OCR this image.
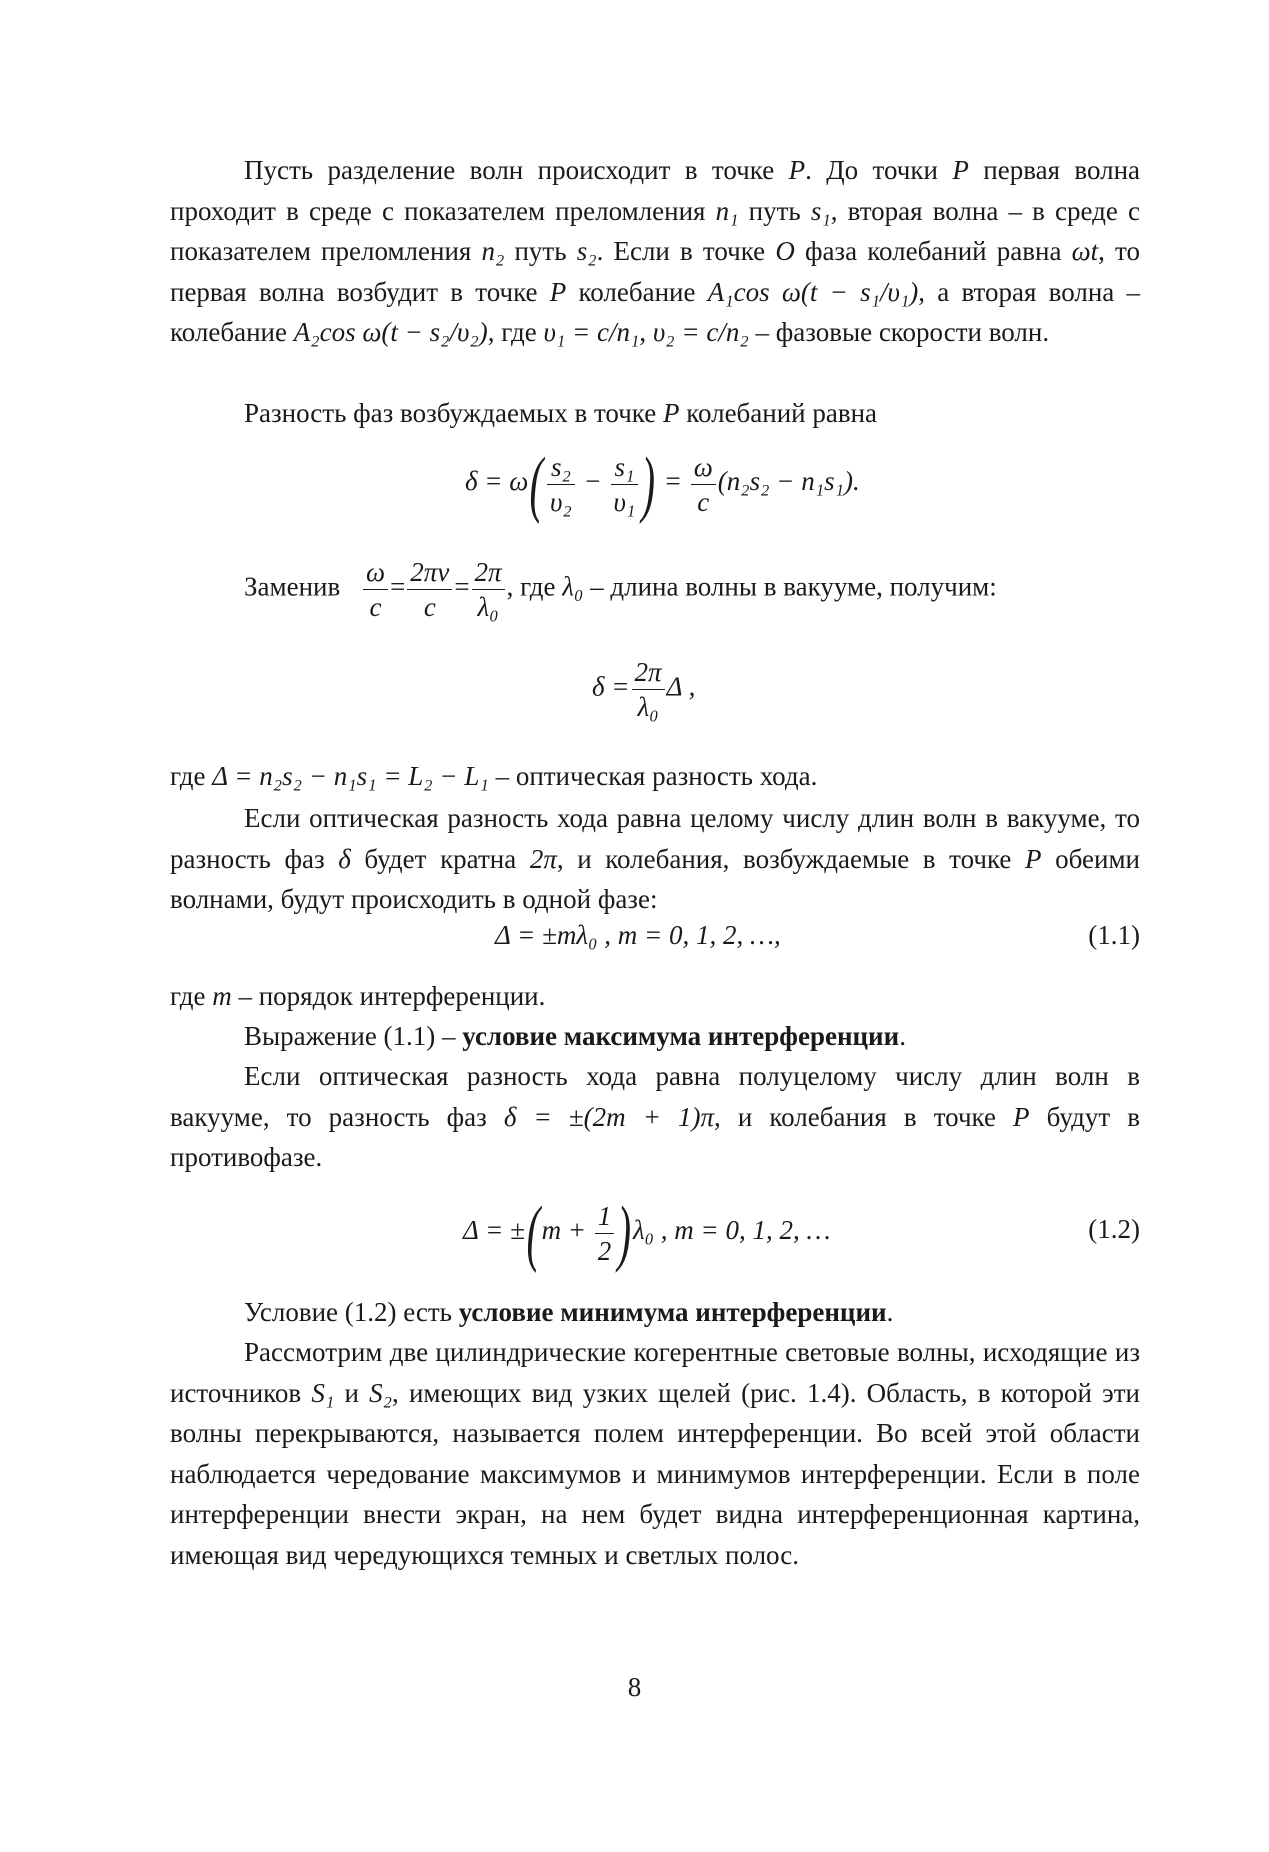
Пусть разделение волн происходит в точке P. До точки P первая волна проходит в среде с показателем преломления n₁ путь s₁, вторая волна – в среде с показателем преломления n₂ путь s₂. Если в точке O фаза колебаний равна ωt, то первая волна возбудит в точке P колебание A₁cos ω(t − s₁/υ₁), а вторая волна – колебание A₂cos ω(t − s₂/υ₂), где υ₁ = c/n₁, υ₂ = c/n₂ – фазовые скорости волн.

Разность фаз возбуждаемых в точке P колебаний равна

$\delta = \omega( \frac{\text{s₂}}{\text{υ₂}} - \frac{\text{s₁}}{\text{υ₁}}$ ) = $\frac{\omega}{c} (n_2s_2 - n_1s_1)$.
Заменив $\frac{\omega}{c} = \frac{2\pi\nu}{c} = \frac{2\pi}{\text{λ₀}}$ , где λ₀ – длина волны в вакууме, получим:
$\delta = \frac{2\pi}{\text{λ₀}}$ Δ ,

где Δ = n₂s₂ − n₁s₁ = L₂ − L₁ – оптическая разность хода.

Если оптическая разность хода равна целому числу длин волн в вакууме, то разность фаз δ будет кратна 2π, и колебания, возбуждаемые в точке P обеими волнами, будут происходить в одной фазе:

Δ = ±mλ₀ , m = 0, 1, 2, …,	(1.1)

где m – порядок интерференции.

Выражение (1.1) – условие максимума интерференции.

Если оптическая разность хода равна полуцелому числу длин волн в вакууме, то разность фаз δ = ±(2m + 1)π, и колебания в точке P будут в противофазе.

$\Delta = \pm(m + \frac{1}{2} )\lambda_0$ , m = 0, 1, 2, …	(1.2)

Условие (1.2) есть условие минимума интерференции.

Рассмотрим две цилиндрические когерентные световые волны, исходящие из источников S₁ и S₂, имеющих вид узких щелей (рис. 1.4). Область, в которой эти волны перекрываются, называется полем интерференции. Во всей этой области наблюдается чередование максимумов и минимумов интерференции. Если в поле интерференции внести экран, на нем будет видна интерференционная картина, имеющая вид чередующихся темных и светлых полос.

8
